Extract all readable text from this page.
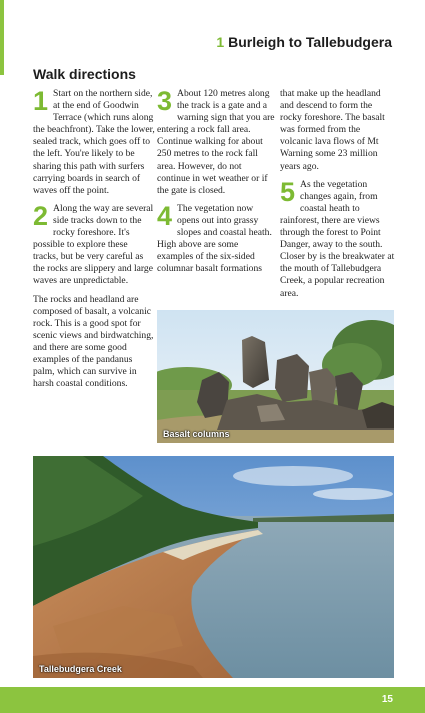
1 Burleigh to Tallebudgera
Walk directions

1 Start on the northern side, at the end of Goodwin Terrace (which runs along the beachfront). Take the lower, sealed track, which goes off to the left. You're likely to be sharing this path with surfers carrying boards in search of waves off the point.

2 Along the way are several side tracks down to the rocky foreshore. It's possible to explore these tracks, but be very careful as the rocks are slippery and large waves are unpredictable.

The rocks and headland are composed of basalt, a volcanic rock. This is a good spot for scenic views and birdwatching, and there are some good examples of the pandanus palm, which can survive in harsh coastal conditions.

3 About 120 metres along the track is a gate and a warning sign that you are entering a rock fall area. Continue walking for about 250 metres to the rock fall area. However, do not continue in wet weather or if the gate is closed.

4 The vegetation now opens out into grassy slopes and coastal heath. High above are some examples of the six-sided columnar basalt formations

that make up the headland and descend to form the rocky foreshore. The basalt was formed from the volcanic lava flows of Mt Warning some 23 million years ago.

5 As the vegetation changes again, from coastal heath to rainforest, there are views through the forest to Point Danger, away to the south. Closer by is the breakwater at the mouth of Tallebudgera Creek, a popular recreation area.

Basalt columns
Tallebudgera Creek
15
